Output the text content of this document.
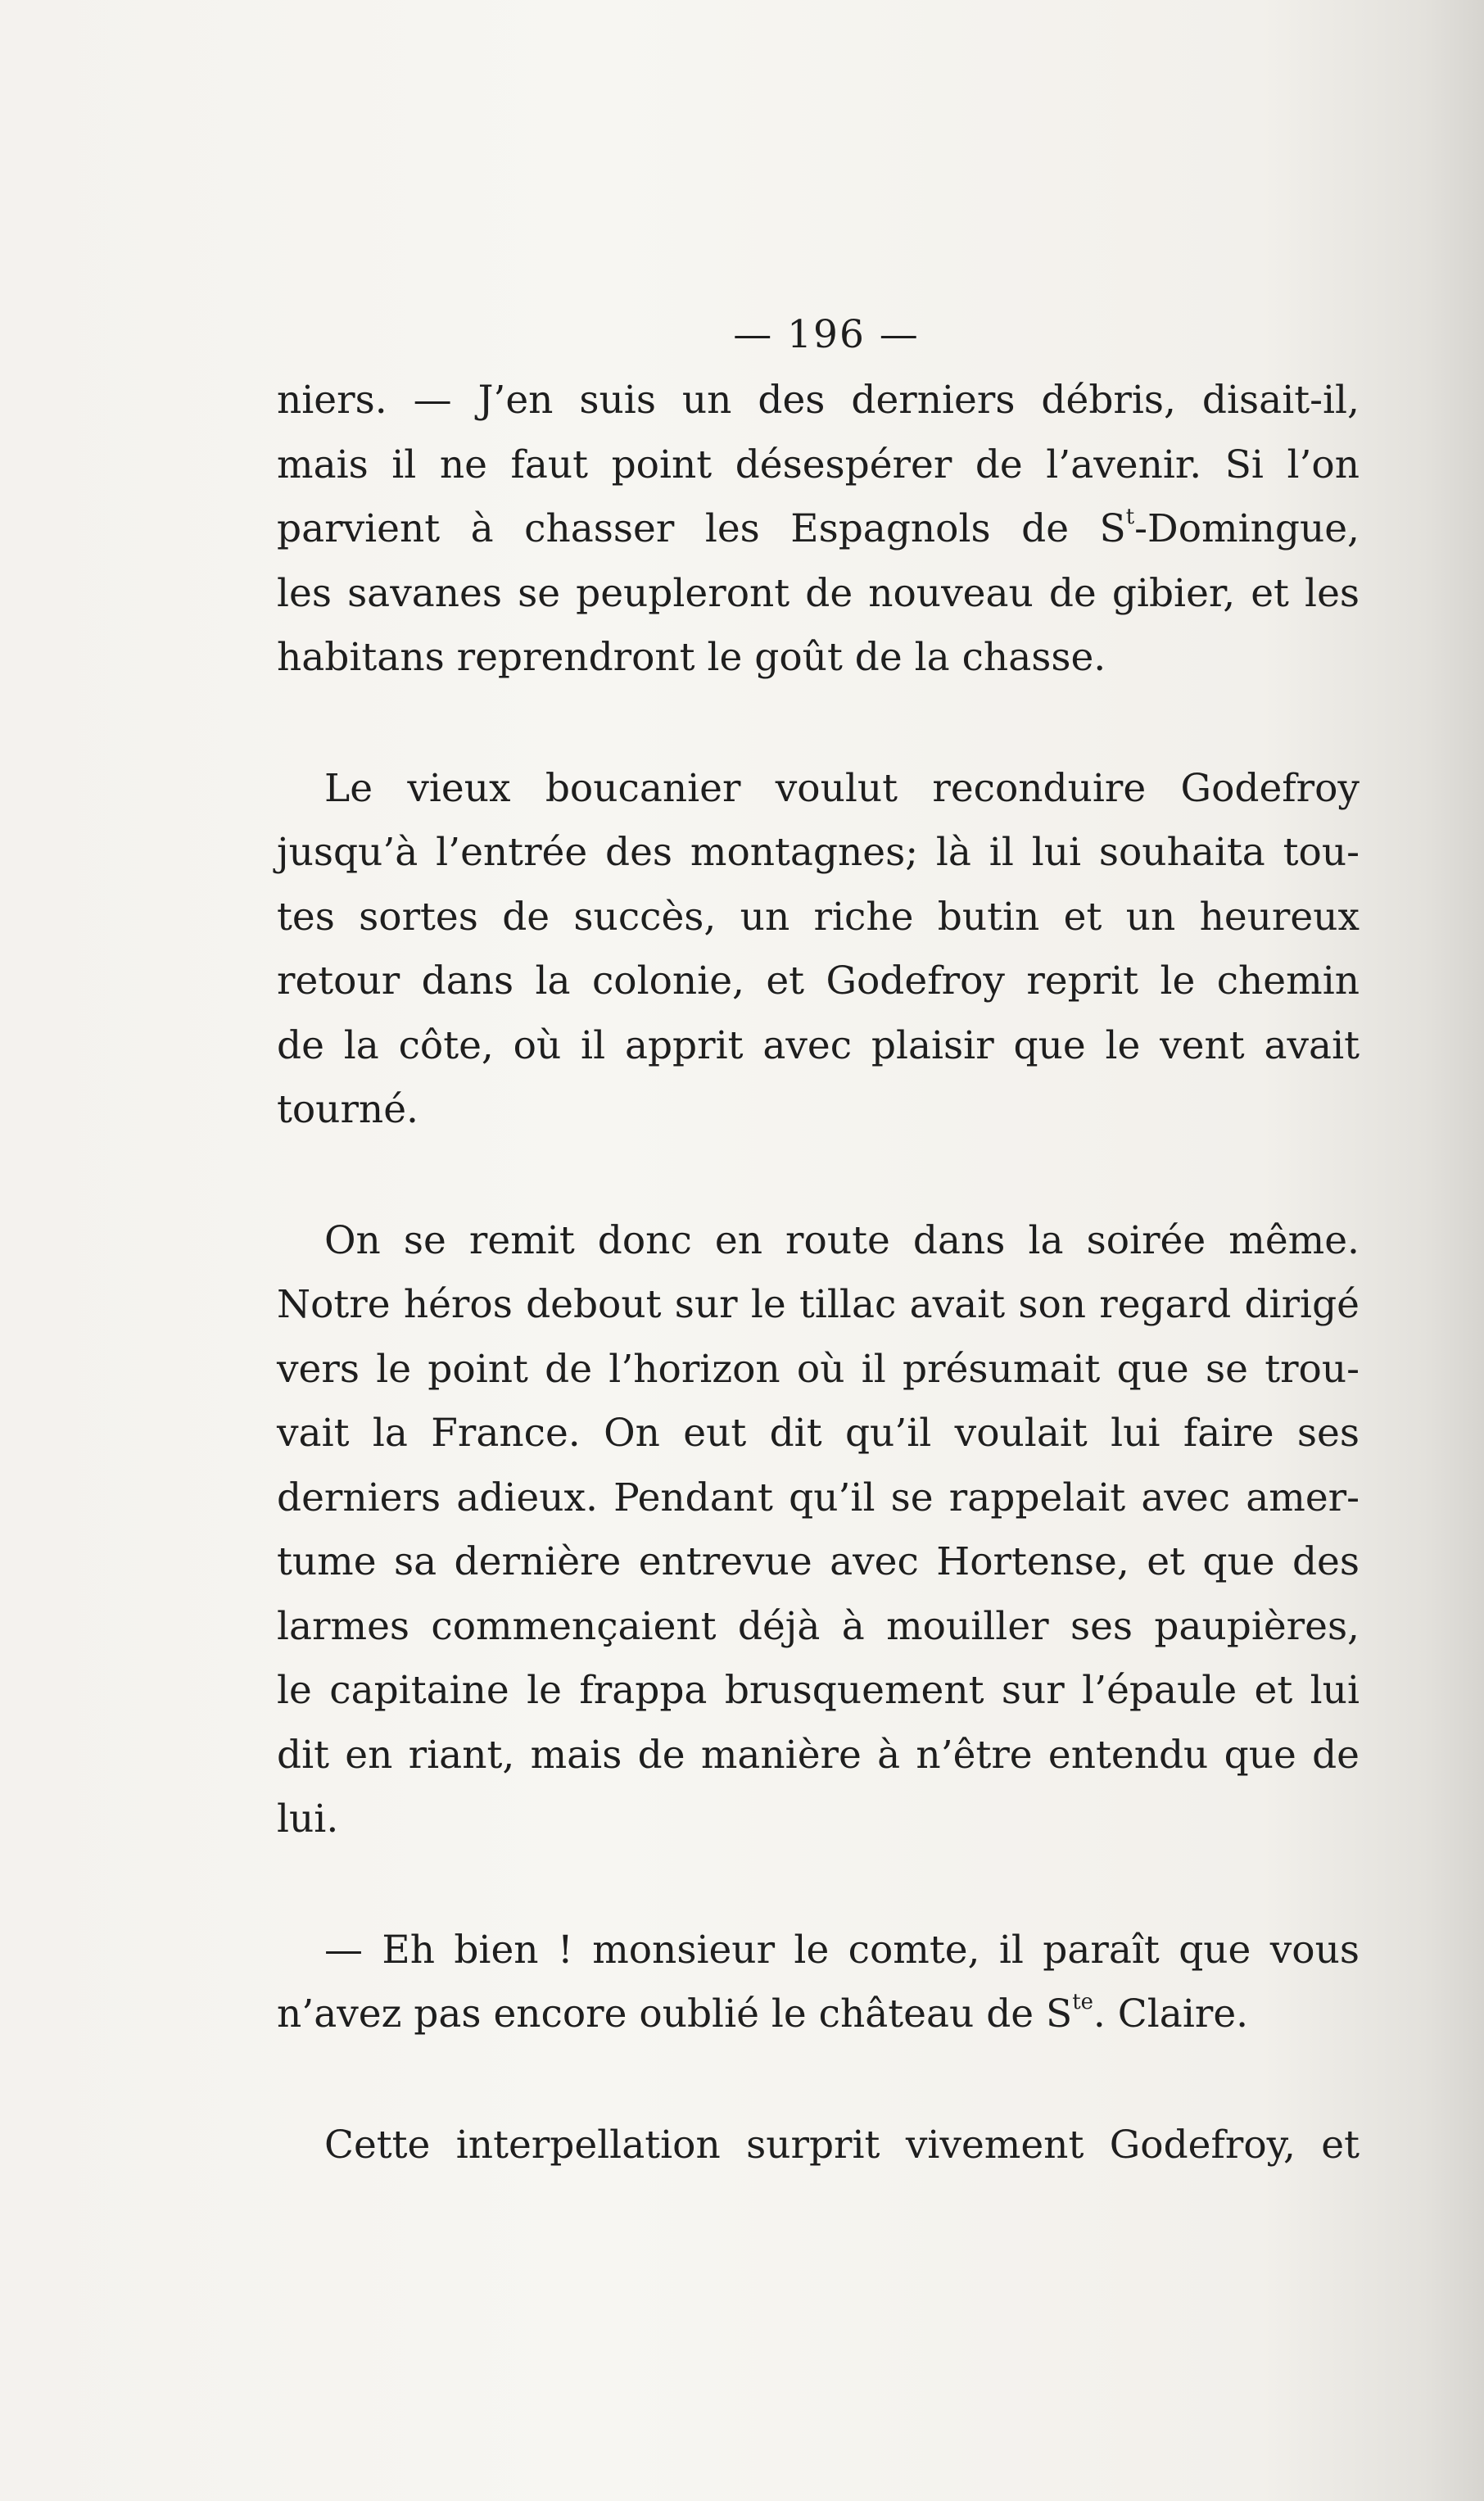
— 196 —
niers. — J’en suis un des derniers débris, disait-il,
mais il ne faut point désespérer de l’avenir. Si l’on
parvient à chasser les Espagnols de $S^t$-Domingue,
les savanes se peupleront de nouveau de gibier, et les
habitans reprendront le goût de la chasse.
Le vieux boucanier voulut reconduire Godefroy
jusqu’à l’entrée des montagnes; là il lui souhaita tou-
tes sortes de succès, un riche butin et un heureux
retour dans la colonie, et Godefroy reprit le chemin
de la côte, où il apprit avec plaisir que le vent avait
tourné.
On se remit donc en route dans la soirée même.
Notre héros debout sur le tillac avait son regard dirigé
vers le point de l’horizon où il présumait que se trou-
vait la France. On eut dit qu’il voulait lui faire ses
derniers adieux. Pendant qu’il se rappelait avec amer-
tume sa dernière entrevue avec Hortense, et que des
larmes commençaient déjà à mouiller ses paupières,
le capitaine le frappa brusquement sur l’épaule et lui
dit en riant, mais de manière à n’être entendu que de
lui.
— Eh bien ! monsieur le comte, il paraît que vous
n’avez pas encore oublié le château de $S^{te}$. Claire.
Cette interpellation surprit vivement Godefroy, et
